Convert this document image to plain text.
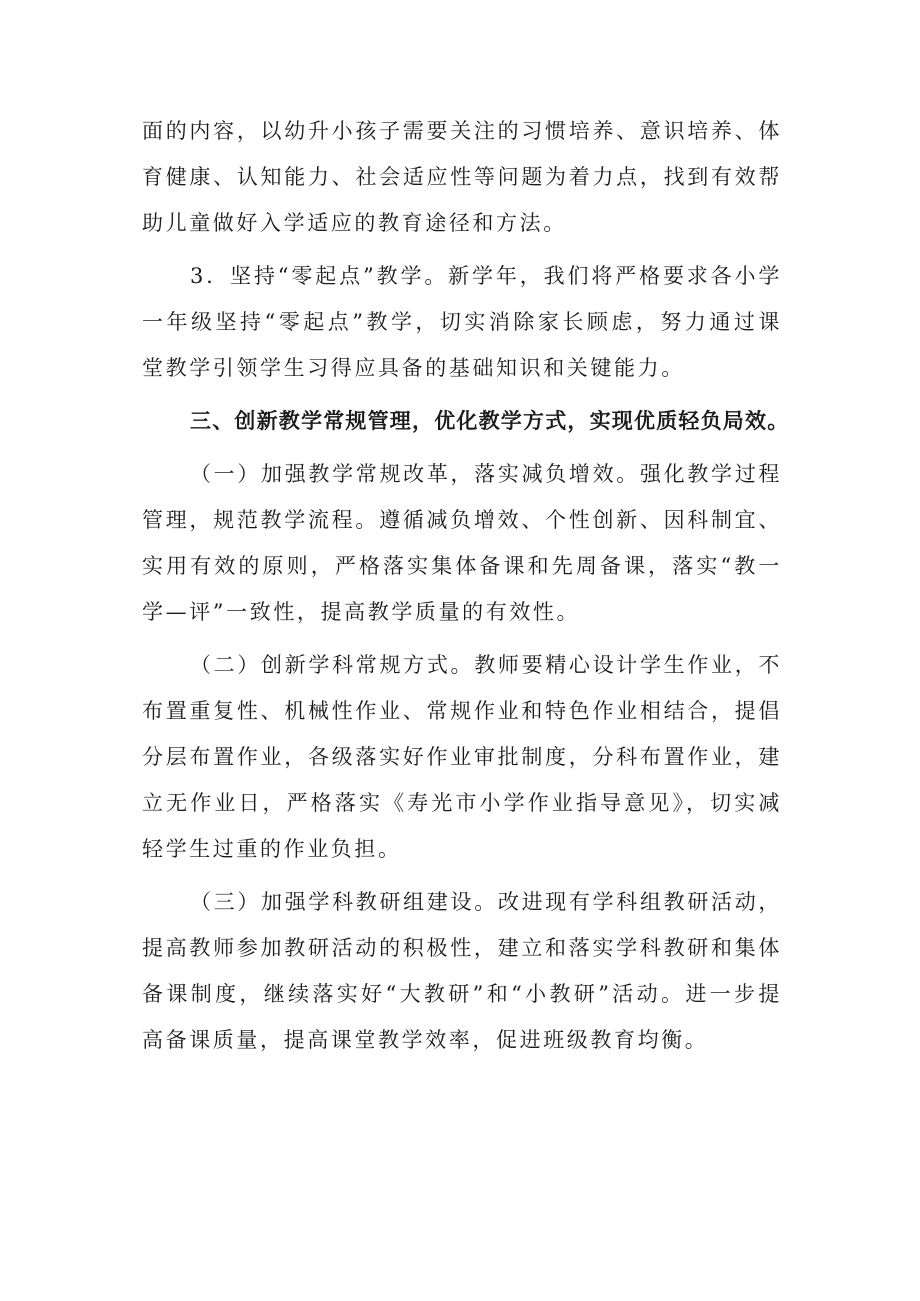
面的内容，以幼升小孩子需要关注的习惯培养、意识培养、体育健康、认知能力、社会适应性等问题为着力点，找到有效帮助儿童做好入学适应的教育途径和方法。

3．坚持“零起点”教学。新学年，我们将严格要求各小学一年级坚持“零起点”教学，切实消除家长顾虑，努力通过课堂教学引领学生习得应具备的基础知识和关键能力。

三、创新教学常规管理，优化教学方式，实现优质轻负局效。

（一）加强教学常规改革，落实减负增效。强化教学过程管理，规范教学流程。遵循减负增效、个性创新、因科制宜、实用有效的原则，严格落实集体备课和先周备课，落实“教一学—评”一致性，提高教学质量的有效性。

（二）创新学科常规方式。教师要精心设计学生作业，不布置重复性、机械性作业、常规作业和特色作业相结合，提倡分层布置作业，各级落实好作业审批制度，分科布置作业，建立无作业日，严格落实《寿光市小学作业指导意见》，切实减轻学生过重的作业负担。

（三）加强学科教研组建设。改进现有学科组教研活动，提高教师参加教研活动的积极性，建立和落实学科教研和集体备课制度，继续落实好“大教研”和“小教研”活动。进一步提高备课质量，提高课堂教学效率，促进班级教育均衡。
